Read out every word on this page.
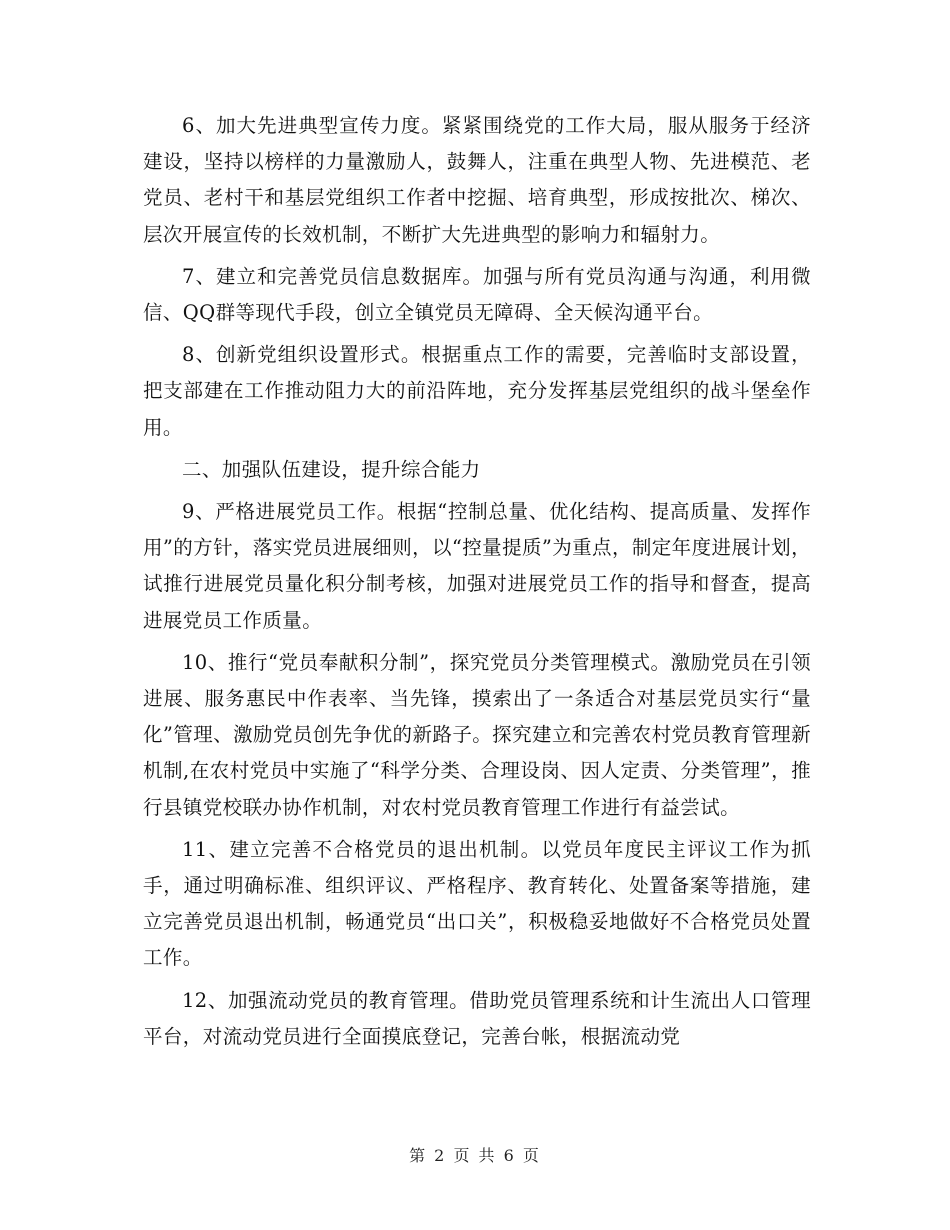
6、加大先进典型宣传力度。紧紧围绕党的工作大局，服从服务于经济建设，坚持以榜样的力量激励人，鼓舞人，注重在典型人物、先进模范、老党员、老村干和基层党组织工作者中挖掘、培育典型，形成按批次、梯次、层次开展宣传的长效机制，不断扩大先进典型的影响力和辐射力。

7、建立和完善党员信息数据库。加强与所有党员沟通与沟通，利用微信、QQ群等现代手段，创立全镇党员无障碍、全天候沟通平台。

8、创新党组织设置形式。根据重点工作的需要，完善临时支部设置，把支部建在工作推动阻力大的前沿阵地，充分发挥基层党组织的战斗堡垒作用。

二、加强队伍建设，提升综合能力

9、严格进展党员工作。根据“控制总量、优化结构、提高质量、发挥作用”的方针，落实党员进展细则，以“控量提质”为重点，制定年度进展计划，试推行进展党员量化积分制考核，加强对进展党员工作的指导和督查，提高进展党员工作质量。

10、推行“党员奉献积分制”，探究党员分类管理模式。激励党员在引领进展、服务惠民中作表率、当先锋，摸索出了一条适合对基层党员实行“量化”管理、激励党员创先争优的新路子。探究建立和完善农村党员教育管理新机制,在农村党员中实施了“科学分类、合理设岗、因人定责、分类管理”，推行县镇党校联办协作机制，对农村党员教育管理工作进行有益尝试。

11、建立完善不合格党员的退出机制。以党员年度民主评议工作为抓手，通过明确标准、组织评议、严格程序、教育转化、处置备案等措施，建立完善党员退出机制，畅通党员“出口关”，积极稳妥地做好不合格党员处置工作。

12、加强流动党员的教育管理。借助党员管理系统和计生流出人口管理平台，对流动党员进行全面摸底登记，完善台帐，根据流动党

第 2 页 共 6 页
